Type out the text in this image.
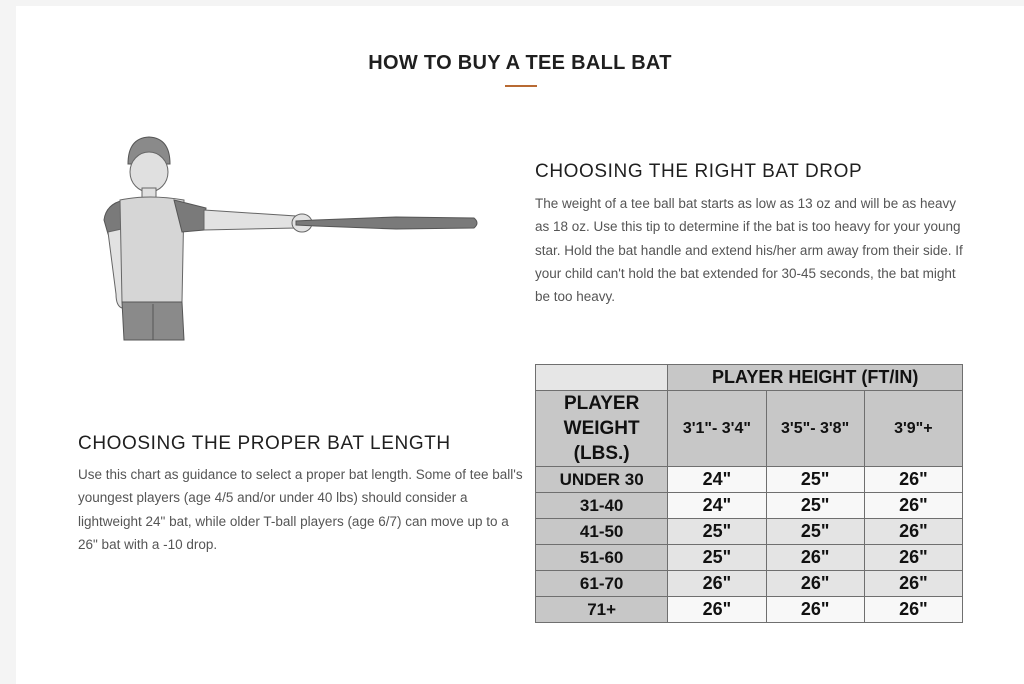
HOW TO BUY A TEE BALL BAT
CHOOSING THE RIGHT BAT DROP

The weight of a tee ball bat starts as low as 13 oz and will be as heavy as 18 oz. Use this tip to determine if the bat is too heavy for your young star. Hold the bat handle and extend his/her arm away from their side. If your child can't hold the bat extended for 30-45 seconds, the bat might be too heavy.

CHOOSING THE PROPER BAT LENGTH

Use this chart as guidance to select a proper bat length. Some of tee ball's youngest players (age 4/5 and/or under 40 lbs) should consider a lightweight 24" bat, while older T-ball players (age 6/7) can move up to a 26" bat with a -10 drop.

	PLAYER HEIGHT (FT/IN)		

PLAYER
WEIGHT
(LBS.)	3'1"- 3'4"	3'5"- 3'8"	3'9"+
UNDER 30	24"	25"	26"
31-40	24"	25"	26"
41-50	25"	25"	26"
51-60	25"	26"	26"
61-70	26"	26"	26"
71+	26"	26"	26"
